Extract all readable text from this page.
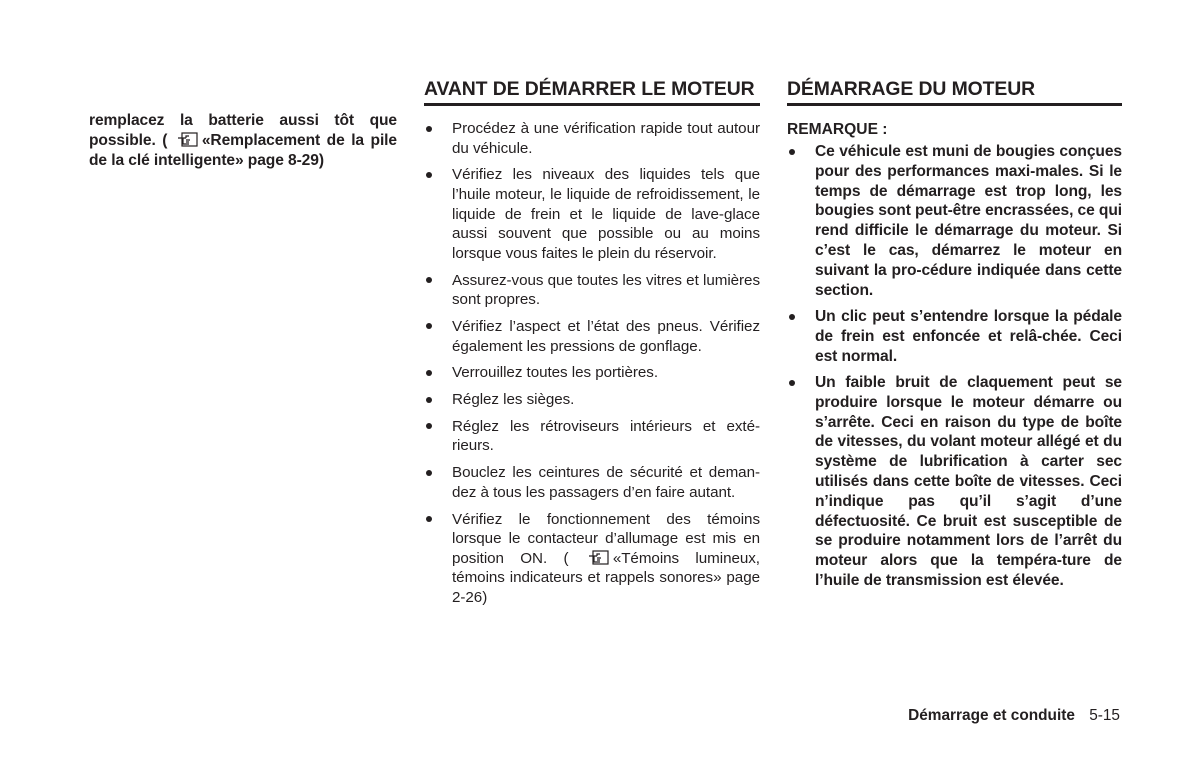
remplacez la batterie aussi tôt que possible. ( «Remplacement de la pile de la clé intelligente» page 8-29)

AVANT DE DÉMARRER LE MOTEUR
Procédez à une vérification rapide tout autour du véhicule.
Vérifiez les niveaux des liquides tels que l’huile moteur, le liquide de refroidissement, le liquide de frein et le liquide de lave-glace aussi souvent que possible ou au moins lorsque vous faites le plein du réservoir.
Assurez-vous que toutes les vitres et lumières sont propres.
Vérifiez l’aspect et l’état des pneus. Vérifiez également les pressions de gonflage.
Verrouillez toutes les portières.
Réglez les sièges.
Réglez les rétroviseurs intérieurs et exté-rieurs.
Bouclez les ceintures de sécurité et deman-dez à tous les passagers d’en faire autant.
Vérifiez le fonctionnement des témoins lorsque le contacteur d’allumage est mis en position ON. ( «Témoins lumineux, témoins indicateurs et rappels sonores» page 2-26)
DÉMARRAGE DU MOTEUR

REMARQUE :

Ce véhicule est muni de bougies conçues pour des performances maxi-males. Si le temps de démarrage est trop long, les bougies sont peut-être encrassées, ce qui rend difficile le démarrage du moteur. Si c’est le cas, démarrez le moteur en suivant la pro-cédure indiquée dans cette section.
Un clic peut s’entendre lorsque la pédale de frein est enfoncée et relâ-chée. Ceci est normal.
Un faible bruit de claquement peut se produire lorsque le moteur démarre ou s’arrête. Ceci en raison du type de boîte de vitesses, du volant moteur allégé et du système de lubrification à carter sec utilisés dans cette boîte de vitesses. Ceci n’indique pas qu’il s’agit d’une défectuosité. Ce bruit est susceptible de se produire notamment lors de l’arrêt du moteur alors que la tempéra-ture de l’huile de transmission est élevée.
Démarrage et conduite 5-15
